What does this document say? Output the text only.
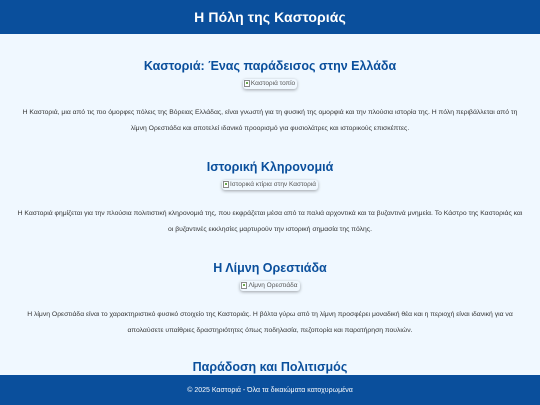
Η Πόλη της Καστοριάς
Καστοριά: Ένας παράδεισος στην Ελλάδα
Καστοριά τοπίο

Η Καστοριά, μια από τις πιο όμορφες πόλεις της Βόρειας Ελλάδας, είναι γνωστή για τη φυσική της ομορφιά και την πλούσια ιστορία της. Η πόλη περιβάλλεται από τη λίμνη Ορεστιάδα και αποτελεί ιδανικό προορισμό για φυσιολάτρες και ιστορικούς επισκέπτες.

Ιστορική Κληρονομιά
Ιστορικά κτίρια στην Καστοριά

Η Καστοριά φημίζεται για την πλούσια πολιτιστική κληρονομιά της, που εκφράζεται μέσα από τα παλιά αρχοντικά και τα βυζαντινά μνημεία. Το Κάστρο της Καστοριάς και οι βυζαντινές εκκλησίες μαρτυρούν την ιστορική σημασία της πόλης.

Η Λίμνη Ορεστιάδα
Λίμνη Ορεστιάδα

Η λίμνη Ορεστιάδα είναι το χαρακτηριστικό φυσικό στοιχείο της Καστοριάς. Η βόλτα γύρω από τη λίμνη προσφέρει μοναδική θέα και η περιοχή είναι ιδανική για να απολαύσετε υπαίθριες δραστηριότητες όπως ποδηλασία, πεζοπορία και παρατήρηση πουλιών.

Παράδοση και Πολιτισμός
© 2025 Καστοριά - Όλα τα δικαιώματα κατοχυρωμένα
